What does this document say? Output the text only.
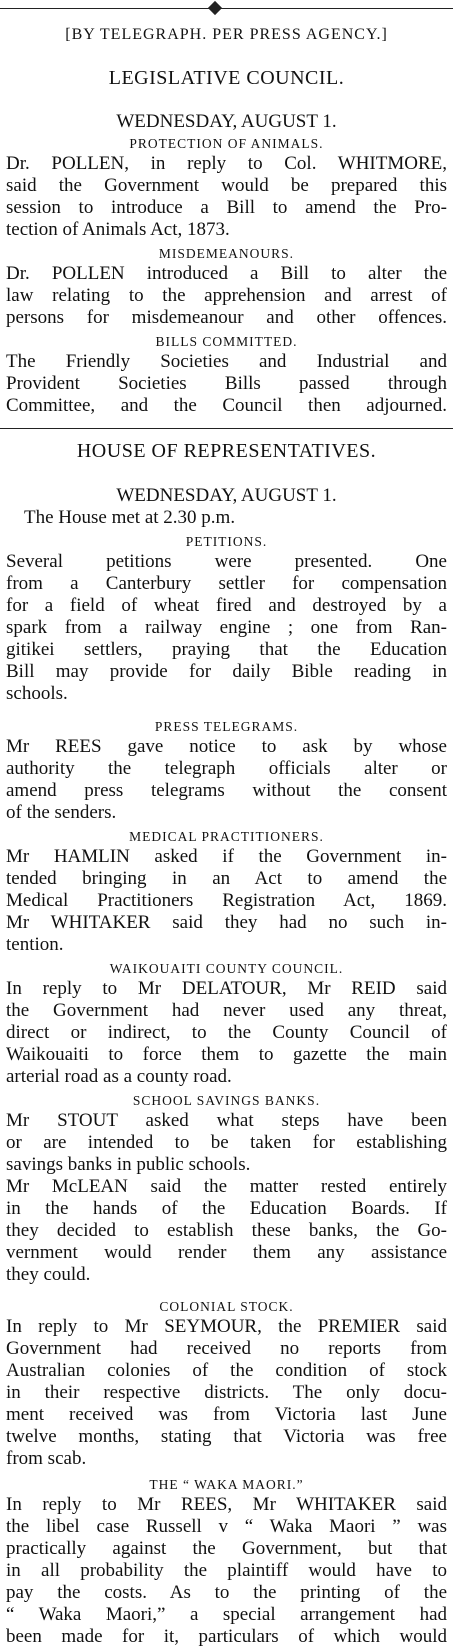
[BY TELEGRAPH. PER PRESS AGENCY.]
LEGISLATIVE COUNCIL.
WEDNESDAY, AUGUST 1.
PROTECTION OF ANIMALS.
Dr. POLLEN, in reply to Col. WHITMORE,
said the Government would be prepared this
session to introduce a Bill to amend the Pro-
tection of Animals Act, 1873.
MISDEMEANOURS.
Dr. POLLEN introduced a Bill to alter the
law relating to the apprehension and arrest of
persons for misdemeanour and other offences.
BILLS COMMITTED.
The Friendly Societies and Industrial and
Provident Societies Bills passed through
Committee, and the Council then adjourned.
HOUSE OF REPRESENTATIVES.
WEDNESDAY, AUGUST 1.
The House met at 2.30 p.m.
PETITIONS.
Several petitions were presented. One
from a Canterbury settler for compensation
for a field of wheat fired and destroyed by a
spark from a railway engine ; one from Ran-
gitikei settlers, praying that the Education
Bill may provide for daily Bible reading in
schools.
PRESS TELEGRAMS.
Mr REES gave notice to ask by whose
authority the telegraph officials alter or
amend press telegrams without the consent
of the senders.
MEDICAL PRACTITIONERS.
Mr HAMLIN asked if the Government in-
tended bringing in an Act to amend the
Medical Practitioners Registration Act, 1869.
Mr WHITAKER said they had no such in-
tention.
WAIKOUAITI COUNTY COUNCIL.
In reply to Mr DELATOUR, Mr REID said
the Government had never used any threat,
direct or indirect, to the County Council of
Waikouaiti to force them to gazette the main
arterial road as a county road.
SCHOOL SAVINGS BANKS.
Mr STOUT asked what steps have been
or are intended to be taken for establishing
savings banks in public schools.
Mr McLEAN said the matter rested entirely
in the hands of the Education Boards. If
they decided to establish these banks, the Go-
vernment would render them any assistance
they could.
COLONIAL STOCK.
In reply to Mr SEYMOUR, the PREMIER said
Government had received no reports from
Australian colonies of the condition of stock
in their respective districts. The only docu-
ment received was from Victoria last June
twelve months, stating that Victoria was free
from scab.
THE “ WAKA MAORI.”
In reply to Mr REES, Mr WHITAKER said
the libel case Russell v “ Waka Maori ” was
practically against the Government, but that
in all probability the plaintiff would have to
pay the costs. As to the printing of the
“ Waka Maori,” a special arrangement had
been made for it, particulars of which would
